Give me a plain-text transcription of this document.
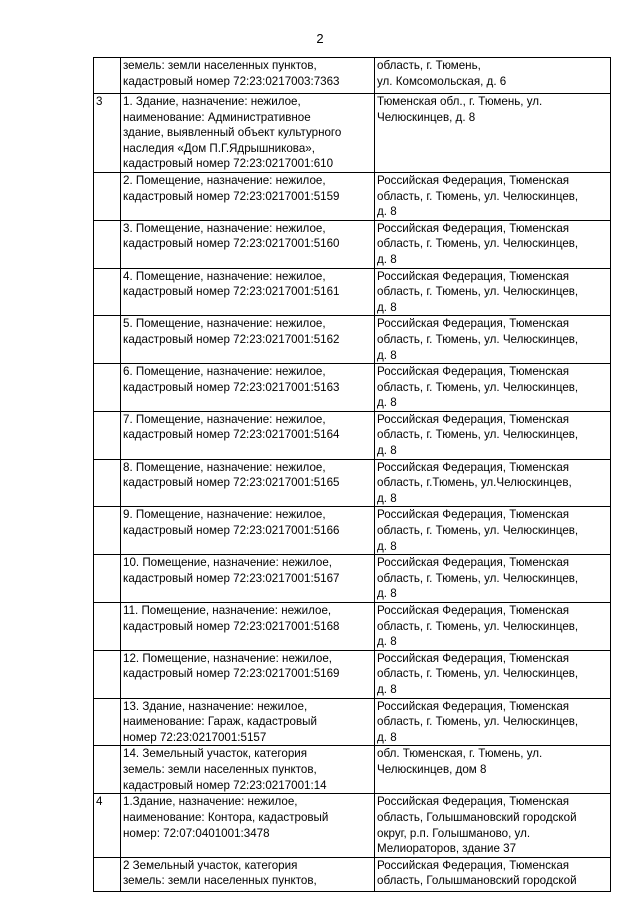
2
	земель: земли населенных пунктов,
кадастровый номер 72:23:0217003:7363	область, г. Тюмень,
ул. Комсомольская, д. 6
3	1. Здание, назначение: нежилое,
наименование: Административное
здание, выявленный объект культурного
наследия «Дом П.Г.Ядрышникова»,
кадастровый номер 72:23:0217001:610	Тюменская обл., г. Тюмень, ул.
Челюскинцев, д. 8
	2. Помещение, назначение: нежилое,
кадастровый номер 72:23:0217001:5159	Российская Федерация, Тюменская
область, г. Тюмень, ул. Челюскинцев,
д. 8
	3. Помещение, назначение: нежилое,
кадастровый номер 72:23:0217001:5160	Российская Федерация, Тюменская
область, г. Тюмень, ул. Челюскинцев,
д. 8
	4. Помещение, назначение: нежилое,
кадастровый номер 72:23:0217001:5161	Российская Федерация, Тюменская
область, г. Тюмень, ул. Челюскинцев,
д. 8
	5. Помещение, назначение: нежилое,
кадастровый номер 72:23:0217001:5162	Российская Федерация, Тюменская
область, г. Тюмень, ул. Челюскинцев,
д. 8
	6. Помещение, назначение: нежилое,
кадастровый номер 72:23:0217001:5163	Российская Федерация, Тюменская
область, г. Тюмень, ул. Челюскинцев,
д. 8
	7. Помещение, назначение: нежилое,
кадастровый номер 72:23:0217001:5164	Российская Федерация, Тюменская
область, г. Тюмень, ул. Челюскинцев,
д. 8
	8. Помещение, назначение: нежилое,
кадастровый номер 72:23:0217001:5165	Российская Федерация, Тюменская
область, г.Тюмень, ул.Челюскинцев,
д. 8
	9. Помещение, назначение: нежилое,
кадастровый номер 72:23:0217001:5166	Российская Федерация, Тюменская
область, г. Тюмень, ул. Челюскинцев,
д. 8
	10. Помещение, назначение: нежилое,
кадастровый номер 72:23:0217001:5167	Российская Федерация, Тюменская
область, г. Тюмень, ул. Челюскинцев,
д. 8
	11. Помещение, назначение: нежилое,
кадастровый номер 72:23:0217001:5168	Российская Федерация, Тюменская
область, г. Тюмень, ул. Челюскинцев,
д. 8
	12. Помещение, назначение: нежилое,
кадастровый номер 72:23:0217001:5169	Российская Федерация, Тюменская
область, г. Тюмень, ул. Челюскинцев,
д. 8
	13. Здание, назначение: нежилое,
наименование: Гараж, кадастровый
номер 72:23:0217001:5157	Российская Федерация, Тюменская
область, г. Тюмень, ул. Челюскинцев,
д. 8
	14. Земельный участок, категория
земель: земли населенных пунктов,
кадастровый номер 72:23:0217001:14	обл. Тюменская, г. Тюмень, ул.
Челюскинцев, дом 8
4	1.Здание, назначение: нежилое,
наименование: Контора, кадастровый
номер: 72:07:0401001:3478	Российская Федерация, Тюменская
область, Голышмановский городской
округ, р.п. Голышманово, ул.
Мелиораторов, здание 37
	2 Земельный участок, категория
земель: земли населенных пунктов,	Российская Федерация, Тюменская
область, Голышмановский городской
